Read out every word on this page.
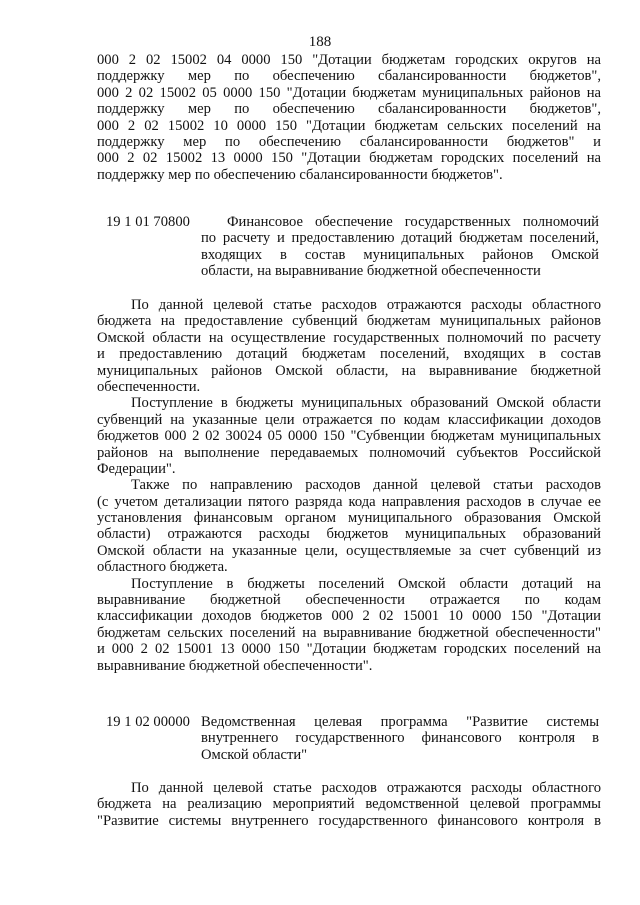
188
000 2 02 15002 04 0000 150 "Дотации бюджетам городских округов на
поддержку мер по обеспечению сбалансированности бюджетов",
000 2 02 15002 05 0000 150 "Дотации бюджетам муниципальных районов на
поддержку мер по обеспечению сбалансированности бюджетов",
000 2 02 15002 10 0000 150 "Дотации бюджетам сельских поселений на
поддержку мер по обеспечению сбалансированности бюджетов" и
000 2 02 15002 13 0000 150 "Дотации бюджетам городских поселений на
поддержку мер по обеспечению сбалансированности бюджетов".
19 1 01 70800	Финансовое обеспечение государственных полномочий
по расчету и предоставлению дотаций бюджетам поселений,
входящих в состав муниципальных районов Омской
области, на выравнивание бюджетной обеспеченности
По данной целевой статье расходов отражаются расходы областного
бюджета на предоставление субвенций бюджетам муниципальных районов
Омской области на осуществление государственных полномочий по расчету
и предоставлению дотаций бюджетам поселений, входящих в состав
муниципальных районов Омской области, на выравнивание бюджетной
обеспеченности.
Поступление в бюджеты муниципальных образований Омской области
субвенций на указанные цели отражается по кодам классификации доходов
бюджетов 000 2 02 30024 05 0000 150 "Субвенции бюджетам муниципальных
районов на выполнение передаваемых полномочий субъектов Российской
Федерации".
Также по направлению расходов данной целевой статьи расходов
(с учетом детализации пятого разряда кода направления расходов в случае ее
установления финансовым органом муниципального образования Омской
области) отражаются расходы бюджетов муниципальных образований
Омской области на указанные цели, осуществляемые за счет субвенций из
областного бюджета.
Поступление в бюджеты поселений Омской области дотаций на
выравнивание бюджетной обеспеченности отражается по кодам
классификации доходов бюджетов 000 2 02 15001 10 0000 150 "Дотации
бюджетам сельских поселений на выравнивание бюджетной обеспеченности"
и 000 2 02 15001 13 0000 150 "Дотации бюджетам городских поселений на
выравнивание бюджетной обеспеченности".
19 1 02 00000 Ведомственная целевая программа "Развитие системы
внутреннего государственного финансового контроля в
Омской области"
По данной целевой статье расходов отражаются расходы областного
бюджета на реализацию мероприятий ведомственной целевой программы
"Развитие системы внутреннего государственного финансового контроля в
